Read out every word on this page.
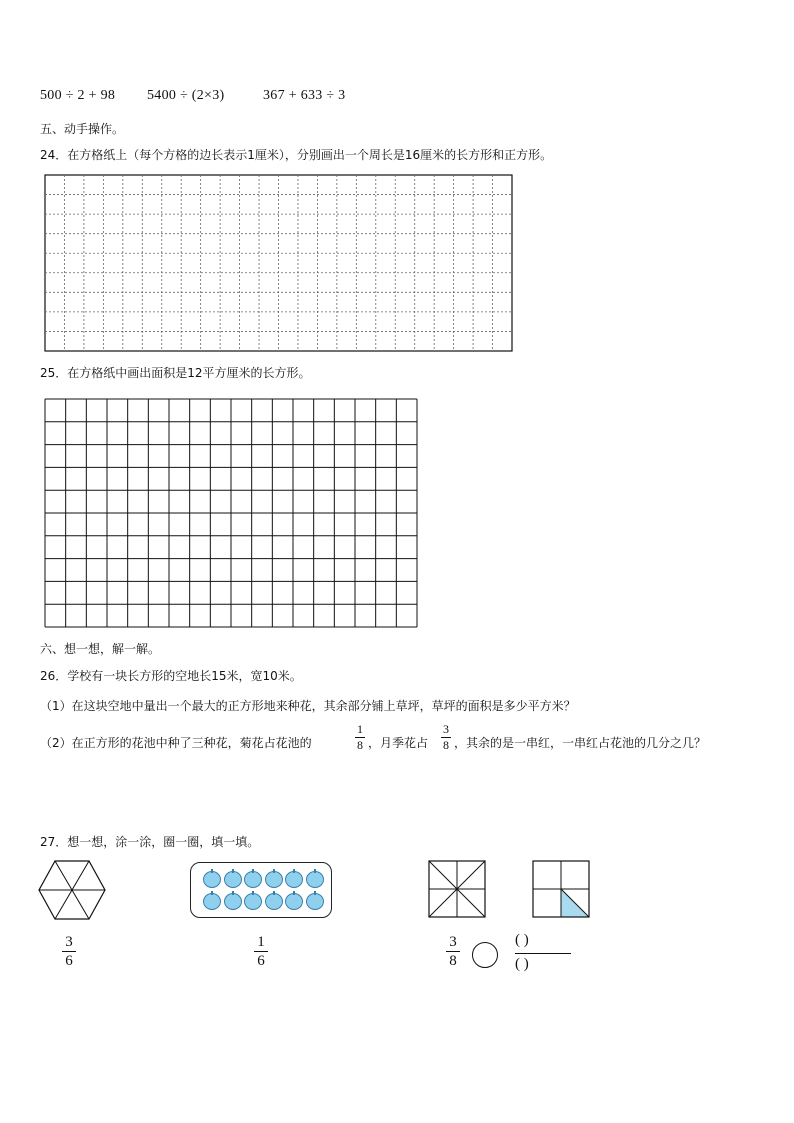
500 ÷ 2 + 98 5400 ÷ (2×3)	367 + 633 ÷ 3
五、动手操作。
24．在方格纸上（每个方格的边长表示1厘米），分别画出一个周长是16厘米的长方形和正方形。
25．在方格纸中画出面积是12平方厘米的长方形。
六、想一想，解一解。
26．学校有一块长方形的空地长15米，宽10米。
（1）在这块空地中量出一个最大的正方形地来种花，其余部分铺上草坪，草坪的面积是多少平方米？
（2）在正方形的花池中种了三种花，菊花占花池的
1
8 ，月季花占
3
8 ，其余的是一串红，一串红占花池的几分之几？
27．想一想，涂一涂，圈一圈，填一填。
3
6
1
6
3
8
( )
( )
